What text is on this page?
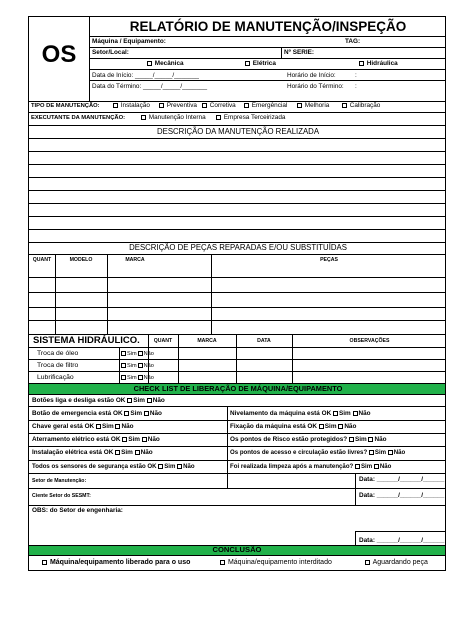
OS
RELATÓRIO DE MANUTENÇÃO/INSPEÇÃO
Máquina / Equipamento:	TAG:
Setor/Local:	Nº SERIE:
Mecânica	Elétrica	Hidráulica
Data de Início: _____/_____/_______	Horário de Início:	:
Data do Término: _____/_____/_______	Horário do Término: :
TIPO DE MANUTENÇÃO:	Instalação	Preventiva	Corretiva	Emergêncial	Melhoria	Calibração
EXECUTANTE DA MANUTENÇÃO:	Manutenção Interna	Empresa Terceirizada
DESCRIÇÃO DA MANUTENÇÃO REALIZADA
DESCRIÇÃO DE PEÇAS REPARADAS E/OU SUBSTITUÍDAS
QUANT	MODELO	MARCA	PEÇAS
SISTEMA HIDRÁULICO.	QUANT	MARCA	DATA	OBSERVAÇÕES
Troca de óleo	Sim Não
Troca de filtro	Sim Não
Lubrificação	Sim Não
CHECK LIST DE LIBERAÇÃO DE MÁQUINA/EQUIPAMENTO
Botões liga e desliga estão OK Sim Não
Botão de emergencia está OK Sim Não	Nivelamento da máquina está OK Sim Não
Chave geral está OK Sim Não	Fixação da máquina está OK Sim Não
Aterramento elétrico está OK Sim Não	Os pontos de Risco estão protegidos? Sim Não
Instalação elétrica está OK Sim Não	Os pontos de acesso e circulação estão livres? Sim Não
Todos os sensores de segurança estão OK Sim Não	Foi realizada limpeza após a manutenção? Sim Não
Setor de Manutenção:	Data: ______/______/______
Ciente Setor do SESMT:	Data: ______/______/______
OBS: do Setor de engenharia:
Data: ______/______/______
CONCLUSÃO
Máquina/equipamento liberado para o uso	Máquina/equipamento interditado	Aguardando peça
